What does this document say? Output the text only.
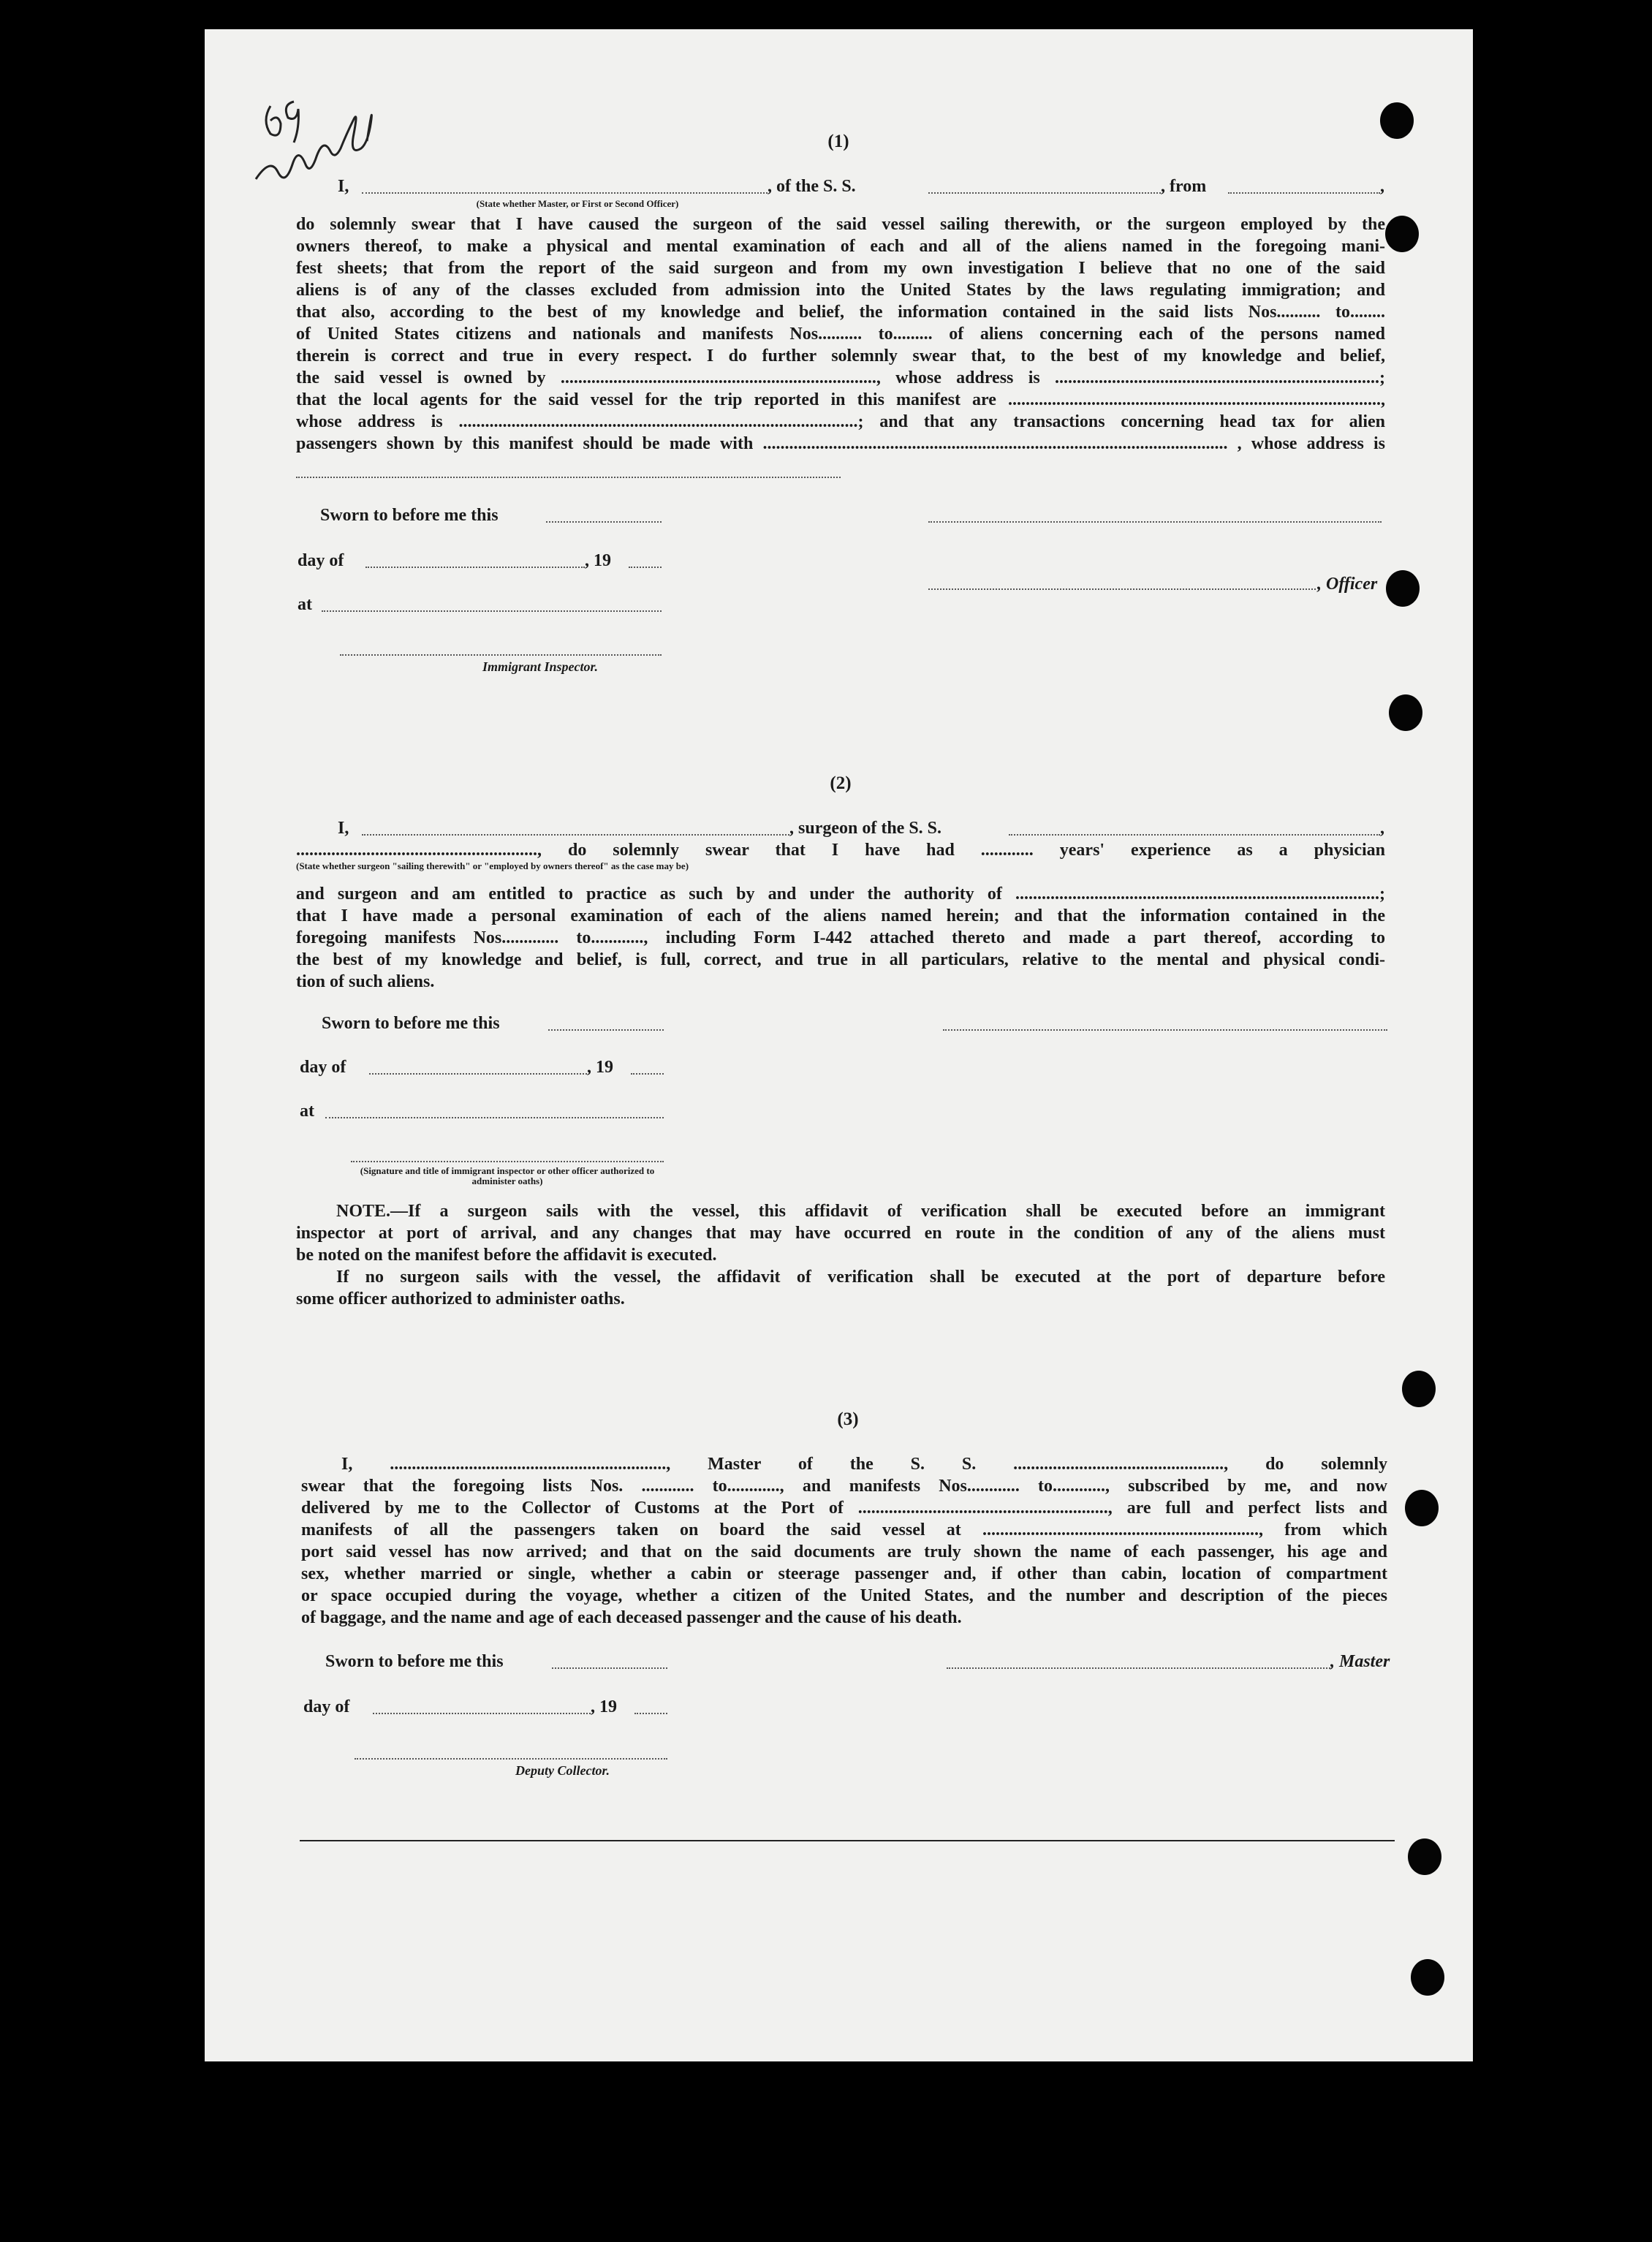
(1)
I,	, of the S. S.	, from	,
(State whether Master, or First or Second Officer)
do solemnly swear that I have caused the surgeon of the said vessel sailing therewith, or the surgeon employed by the
owners thereof, to make a physical and mental examination of each and all of the aliens named in the foregoing mani-
fest sheets; that from the report of the said surgeon and from my own investigation I believe that no one of the said
aliens is of any of the classes excluded from admission into the United States by the laws regulating immigration; and
that also, according to the best of my knowledge and belief, the information contained in the said lists Nos.......... to........
of United States citizens and nationals and manifests Nos.......... to......... of aliens concerning each of the persons named
therein is correct and true in every respect. I do further solemnly swear that, to the best of my knowledge and belief,
the said vessel is owned by ........................................................................, whose address is ..........................................................................;
that the local agents for the said vessel for the trip reported in this manifest are .....................................................................................,
whose address is ...........................................................................................; and that any transactions concerning head tax for alien
passengers shown by this manifest should be made with .......................................................................................................... , whose address is
Sworn to before me this
day of	, 19
, Officer
at
Immigrant Inspector.
(2)
I,	, surgeon of the S. S.	,
......................................................., do solemnly swear that I have had ............ years' experience as a physician
(State whether surgeon "sailing therewith" or "employed by owners thereof" as the case may be)
and surgeon and am entitled to practice as such by and under the authority of ...................................................................................;
that I have made a personal examination of each of the aliens named herein; and that the information contained in the
foregoing manifests Nos............. to............, including Form I-442 attached thereto and made a part thereof, according to
the best of my knowledge and belief, is full, correct, and true in all particulars, relative to the mental and physical condi-
tion of such aliens.
Sworn to before me this
day of	, 19
at
(Signature and title of immigrant inspector or other officer authorized to administer oaths)
NOTE.—If a surgeon sails with the vessel, this affidavit of verification shall be executed before an immigrant
inspector at port of arrival, and any changes that may have occurred en route in the condition of any of the aliens must
be noted on the manifest before the affidavit is executed.
If no surgeon sails with the vessel, the affidavit of verification shall be executed at the port of departure before
some officer authorized to administer oaths.
(3)
I, ..............................................................., Master of the S. S. ................................................, do solemnly
swear that the foregoing lists Nos. ............ to............, and manifests Nos............ to............, subscribed by me, and now
delivered by me to the Collector of Customs at the Port of ........................................................., are full and perfect lists and
manifests of all the passengers taken on board the said vessel at ..............................................................., from which
port said vessel has now arrived; and that on the said documents are truly shown the name of each passenger, his age and
sex, whether married or single, whether a cabin or steerage passenger and, if other than cabin, location of compartment
or space occupied during the voyage, whether a citizen of the United States, and the number and description of the pieces
of baggage, and the name and age of each deceased passenger and the cause of his death.
Sworn to before me this	, Master
day of	, 19
Deputy Collector.
